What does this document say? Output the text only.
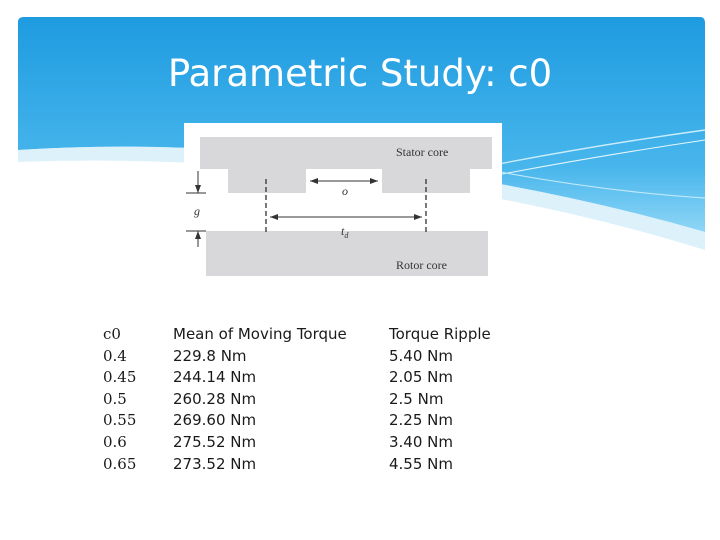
Parametric Study: c0
Stator core
Rotor core
o
$t_d$
g
c0
0.4
0.45
0.5
0.55
0.6
0.65
Mean of Moving Torque
229.8 Nm
244.14 Nm
260.28 Nm
269.60 Nm
275.52 Nm
273.52 Nm
Torque Ripple
5.40 Nm
2.05 Nm
2.5 Nm
2.25 Nm
3.40 Nm
4.55 Nm
